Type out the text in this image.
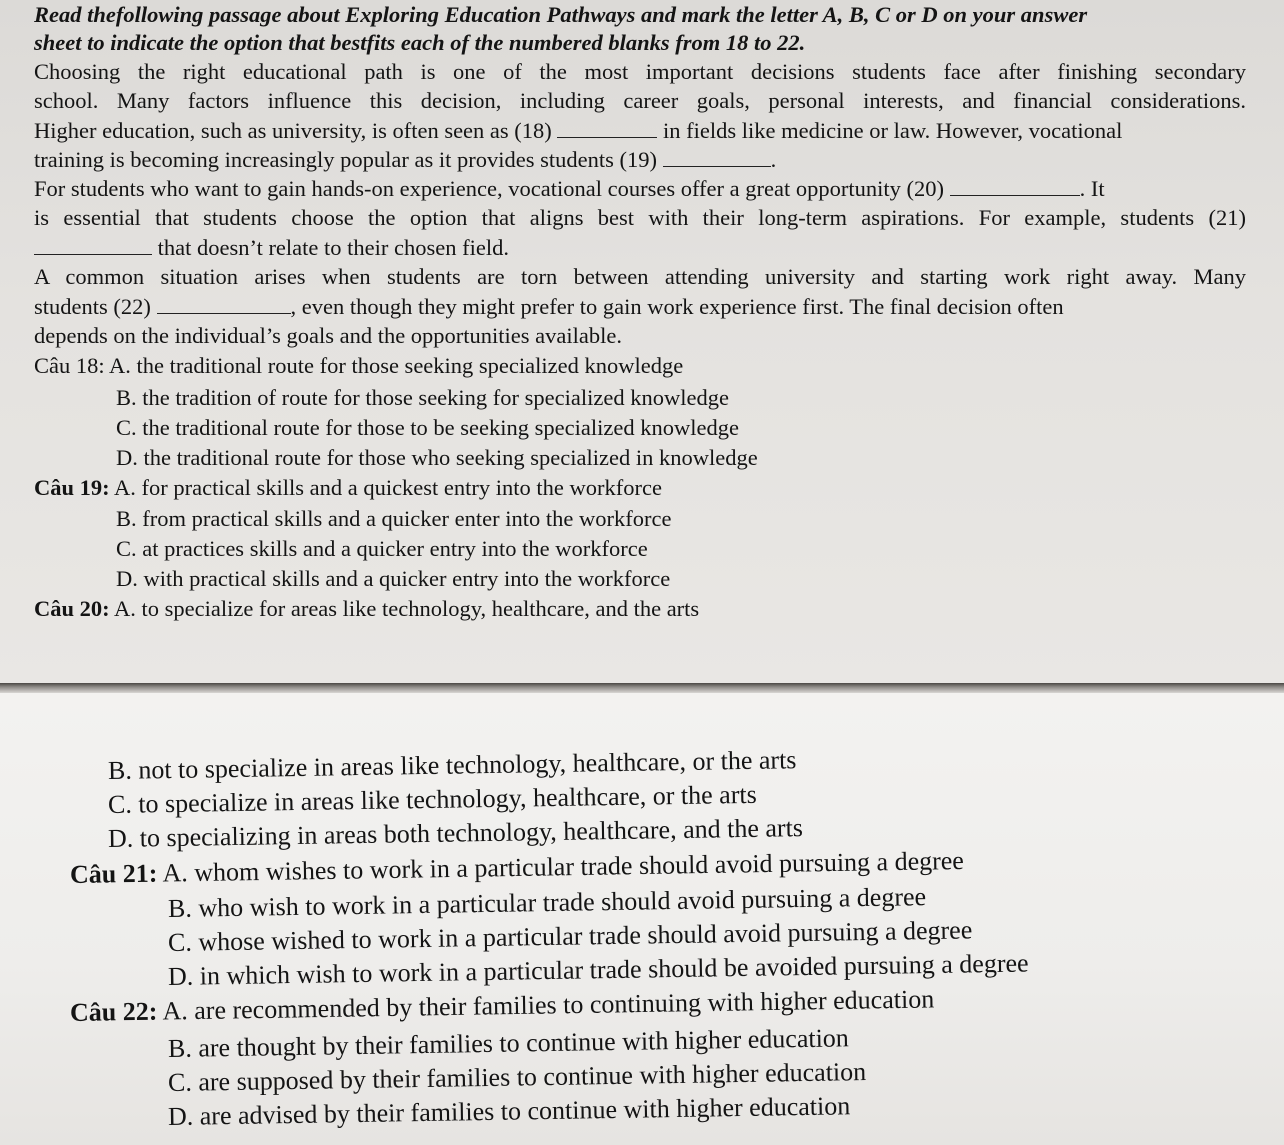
Read thefollowing passage about Exploring Education Pathways and mark the letter A, B, C or D on your answer
sheet to indicate the option that bestfits each of the numbered blanks from 18 to 22.
Choosing the right educational path is one of the most important decisions students face after finishing secondary
school. Many factors influence this decision, including career goals, personal interests, and financial considerations.
Higher education, such as university, is often seen as (18)	in fields like medicine or law. However, vocational
training is becoming increasingly popular as it provides students (19)	.
For students who want to gain hands-on experience, vocational courses offer a great opportunity (20)	. It
is essential that students choose the option that aligns best with their long-term aspirations. For example, students (21)
that doesn’t relate to their chosen field.
A common situation arises when students are torn between attending university and starting work right away. Many
students (22)	, even though they might prefer to gain work experience first. The final decision often
depends on the individual’s goals and the opportunities available.
Câu 18: A. the traditional route for those seeking specialized knowledge
B. the tradition of route for those seeking for specialized knowledge
C. the traditional route for those to be seeking specialized knowledge
D. the traditional route for those who seeking specialized in knowledge
Câu 19: A. for practical skills and a quickest entry into the workforce
B. from practical skills and a quicker enter into the workforce
C. at practices skills and a quicker entry into the workforce
D. with practical skills and a quicker entry into the workforce
Câu 20: A. to specialize for areas like technology, healthcare, and the arts
B. not to specialize in areas like technology, healthcare, or the arts
C. to specialize in areas like technology, healthcare, or the arts
D. to specializing in areas both technology, healthcare, and the arts
Câu 21: A. whom wishes to work in a particular trade should avoid pursuing a degree
B. who wish to work in a particular trade should avoid pursuing a degree
C. whose wished to work in a particular trade should avoid pursuing a degree
D. in which wish to work in a particular trade should be avoided pursuing a degree
Câu 22: A. are recommended by their families to continuing with higher education
B. are thought by their families to continue with higher education
C. are supposed by their families to continue with higher education
D. are advised by their families to continue with higher education
